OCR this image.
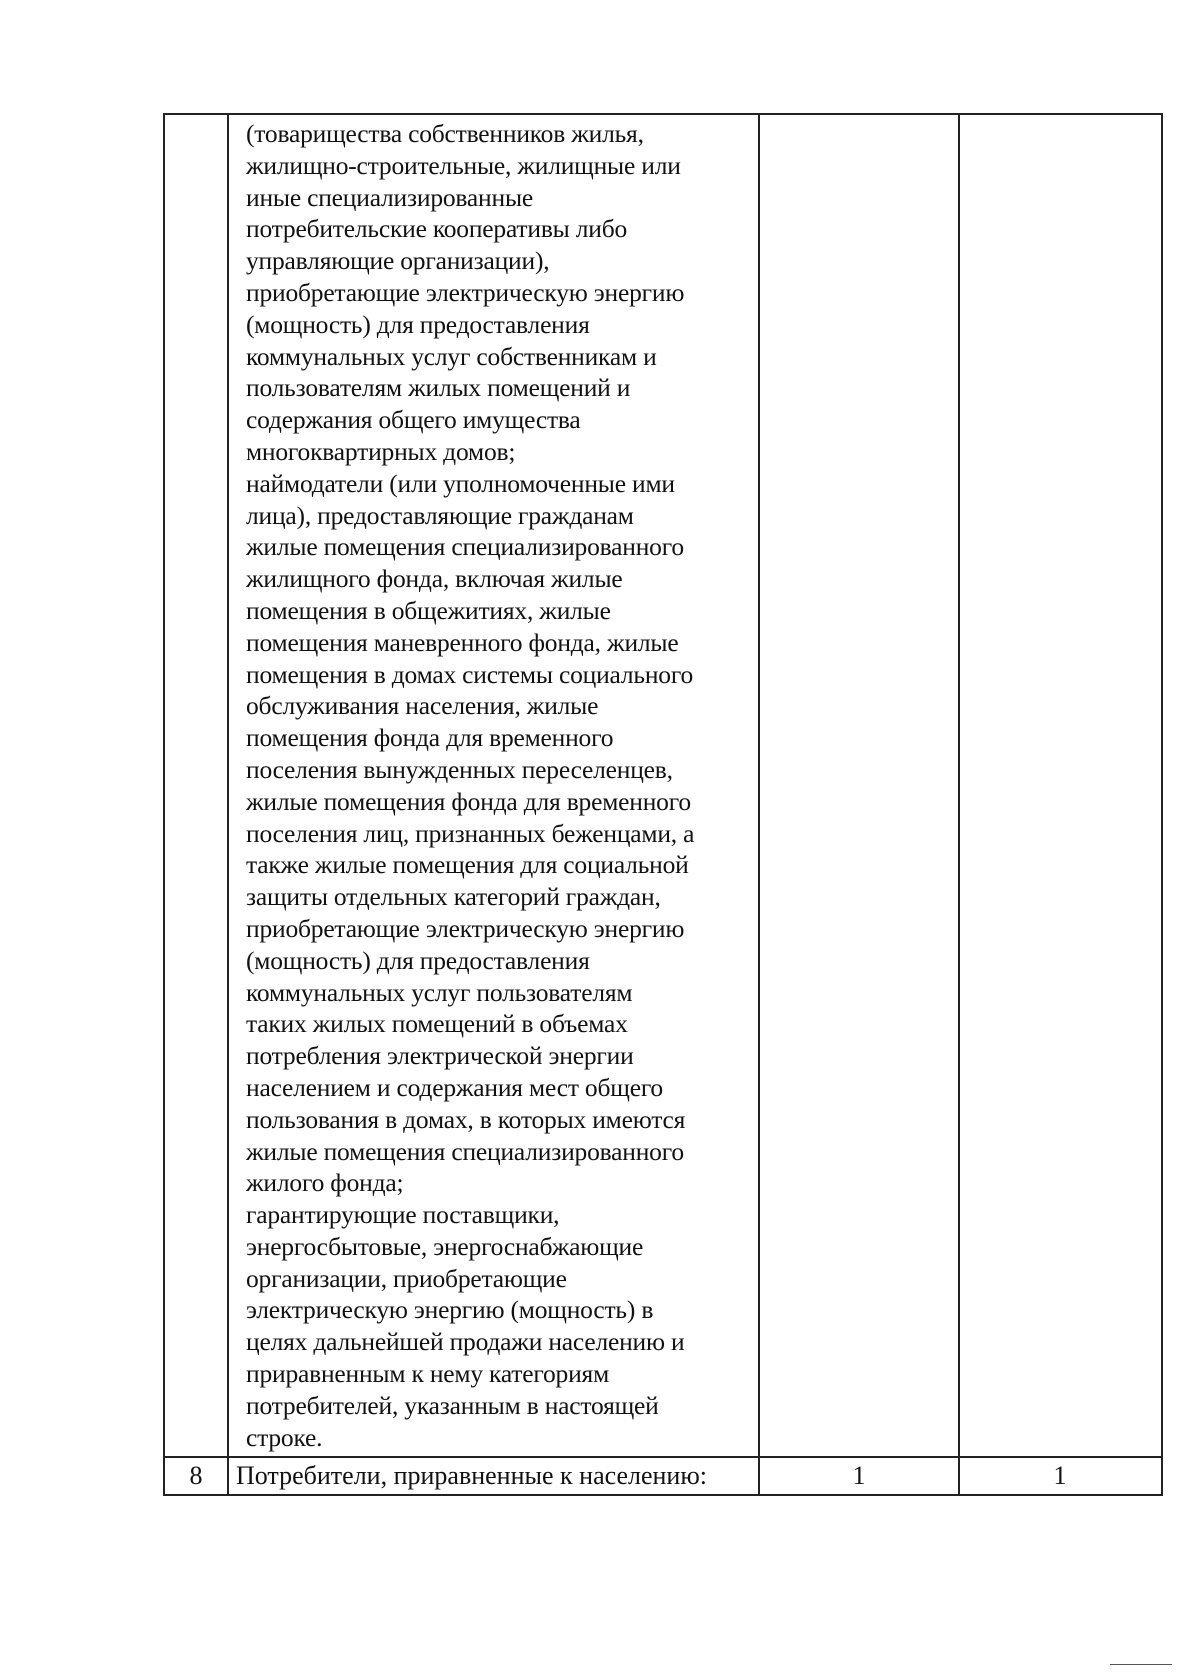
(товарищества собственников жилья,
жилищно-строительные, жилищные или
иные специализированные
потребительские кооперативы либо
управляющие организации),
приобретающие электрическую энергию
(мощность) для предоставления
коммунальных услуг собственникам и
пользователям жилых помещений и
содержания общего имущества
многоквартирных домов;
наймодатели (или уполномоченные ими
лица), предоставляющие гражданам
жилые помещения специализированного
жилищного фонда, включая жилые
помещения в общежитиях, жилые
помещения маневренного фонда, жилые
помещения в домах системы социального
обслуживания населения, жилые
помещения фонда для временного
поселения вынужденных переселенцев,
жилые помещения фонда для временного
поселения лиц, признанных беженцами, а
также жилые помещения для социальной
защиты отдельных категорий граждан,
приобретающие электрическую энергию
(мощность) для предоставления
коммунальных услуг пользователям
таких жилых помещений в объемах
потребления электрической энергии
населением и содержания мест общего
пользования в домах, в которых имеются
жилые помещения специализированного
жилого фонда;
гарантирующие поставщики,
энергосбытовые, энергоснабжающие
организации, приобретающие
электрическую энергию (мощность) в
целях дальнейшей продажи населению и
приравненным к нему категориям
потребителей, указанным в настоящей
строке.
8	Потребители, приравненные к населению:	1	1
